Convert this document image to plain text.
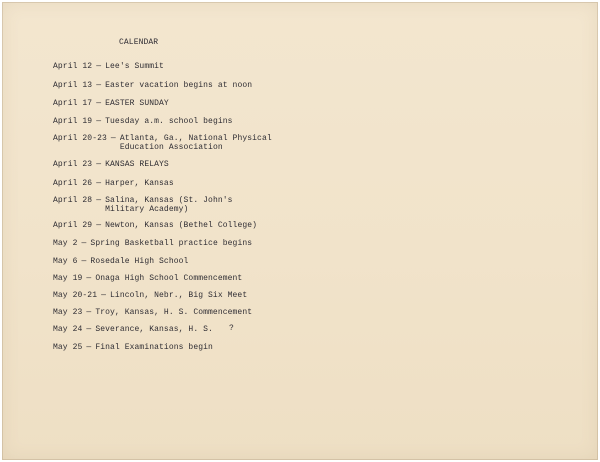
CALENDAR
April 12 — Lee's Summit
April 13 — Easter vacation begins at noon
April 17 — EASTER SUNDAY
April 19 — Tuesday a.m. school begins
April 20-23 — Atlanta, Ga., National Physical
Education Association
April 23 — KANSAS RELAYS
April 26 — Harper, Kansas
April 28 — Salina, Kansas (St. John's
Military Academy)
April 29 — Newton, Kansas (Bethel College)
May 2 — Spring Basketball practice begins
May 6 — Rosedale High School
May 19 — Onaga High School Commencement
May 20-21 — Lincoln, Nebr., Big Six Meet
May 23 — Troy, Kansas, H. S. Commencement
May 24 — Severance, Kansas, H. S.
May 25 — Final Examinations begin
?
